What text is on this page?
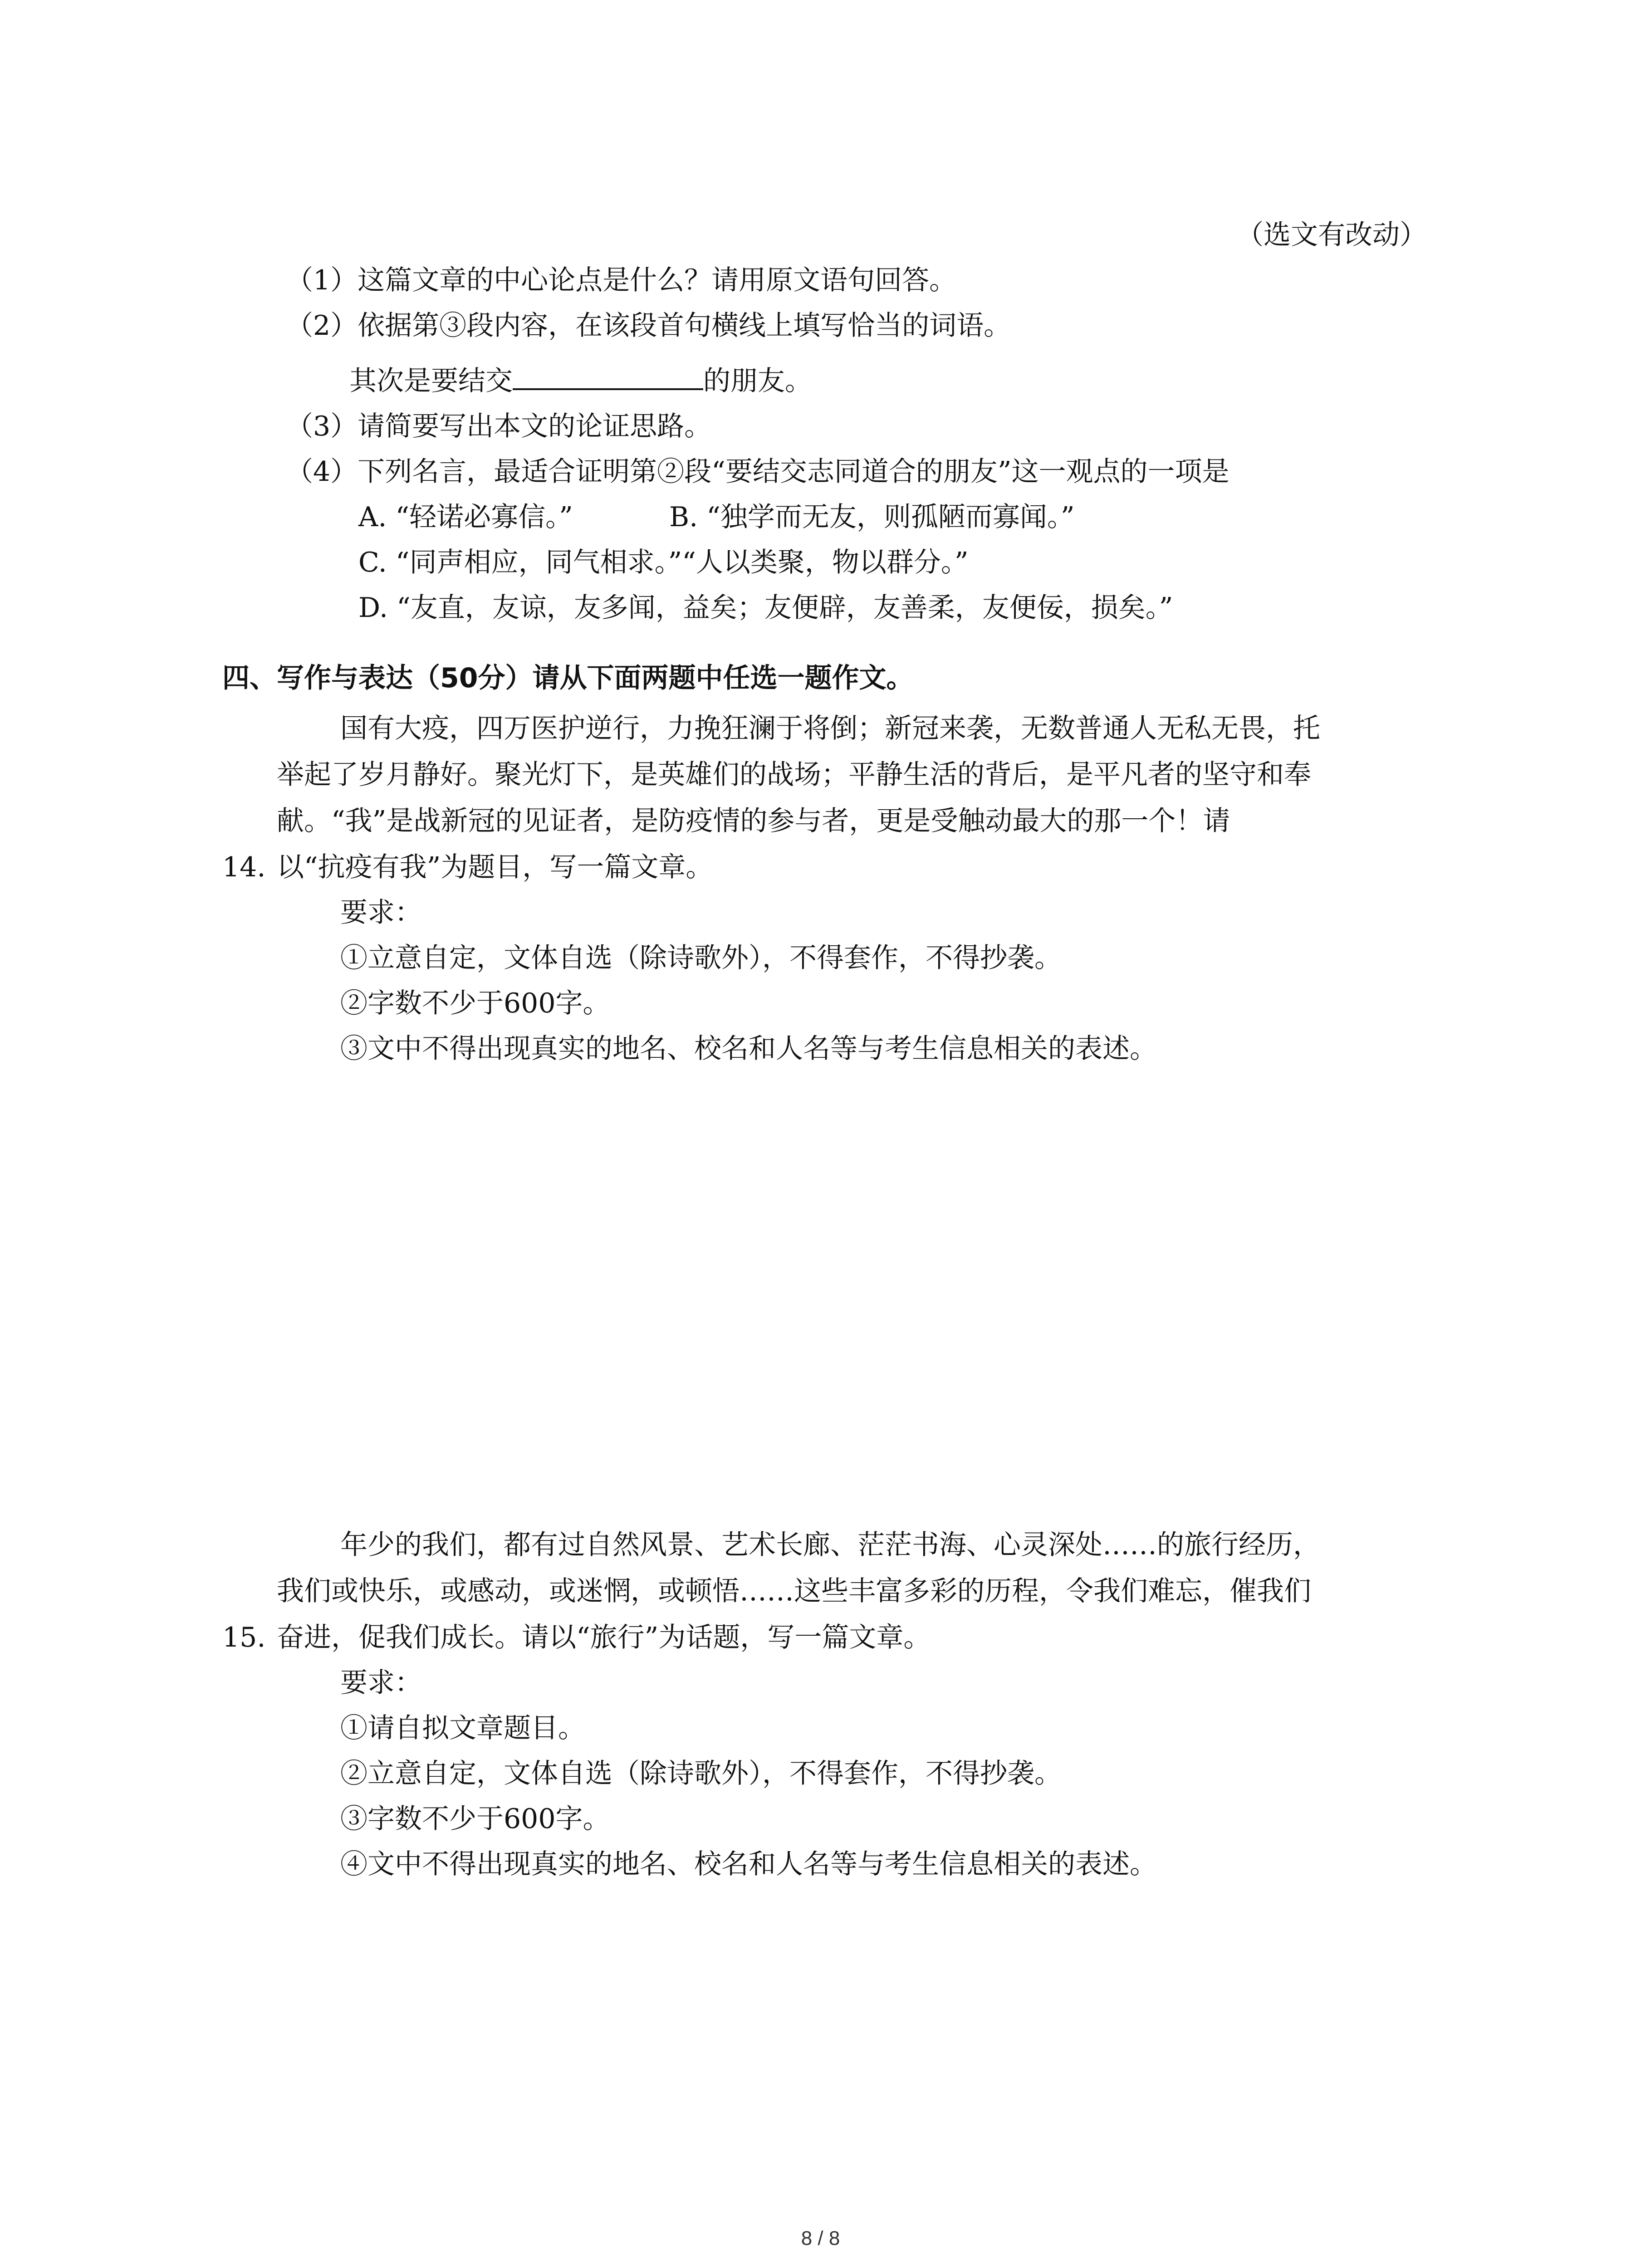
（选文有改动）
（1）这篇文章的中心论点是什么？请用原文语句回答。
（2）依据第③段内容，在该段首句横线上填写恰当的词语。
其次是要结交	的朋友。
（3）请简要写出本文的论证思路。
（4）下列名言，最适合证明第②段“要结交志同道合的朋友”这一观点的一项是
A. “轻诺必寡信。”	B. “独学而无友，则孤陋而寡闻。”
C. “同声相应，同气相求。”“人以类聚，物以群分。”
D. “友直，友谅，友多闻，益矣；友便辟，友善柔，友便佞，损矣。”
四、写作与表达（50分）请从下面两题中任选一题作文。
国有大疫，四万医护逆行，力挽狂澜于将倒；新冠来袭，无数普通人无私无畏，托
举起了岁月静好。聚光灯下，是英雄们的战场；平静生活的背后，是平凡者的坚守和奉
献。“我”是战新冠的见证者，是防疫情的参与者，更是受触动最大的那一个！请
14. 以“抗疫有我”为题目，写一篇文章。
要求：
①立意自定，文体自选（除诗歌外），不得套作，不得抄袭。
②字数不少于600字。
③文中不得出现真实的地名、校名和人名等与考生信息相关的表述。
年少的我们，都有过自然风景、艺术长廊、茫茫书海、心灵深处……的旅行经历，
我们或快乐，或感动，或迷惘，或顿悟……这些丰富多彩的历程，令我们难忘，催我们
15. 奋进，促我们成长。请以“旅行”为话题，写一篇文章。
要求：
①请自拟文章题目。
②立意自定，文体自选（除诗歌外），不得套作，不得抄袭。
③字数不少于600字。
④文中不得出现真实的地名、校名和人名等与考生信息相关的表述。
8 / 8
